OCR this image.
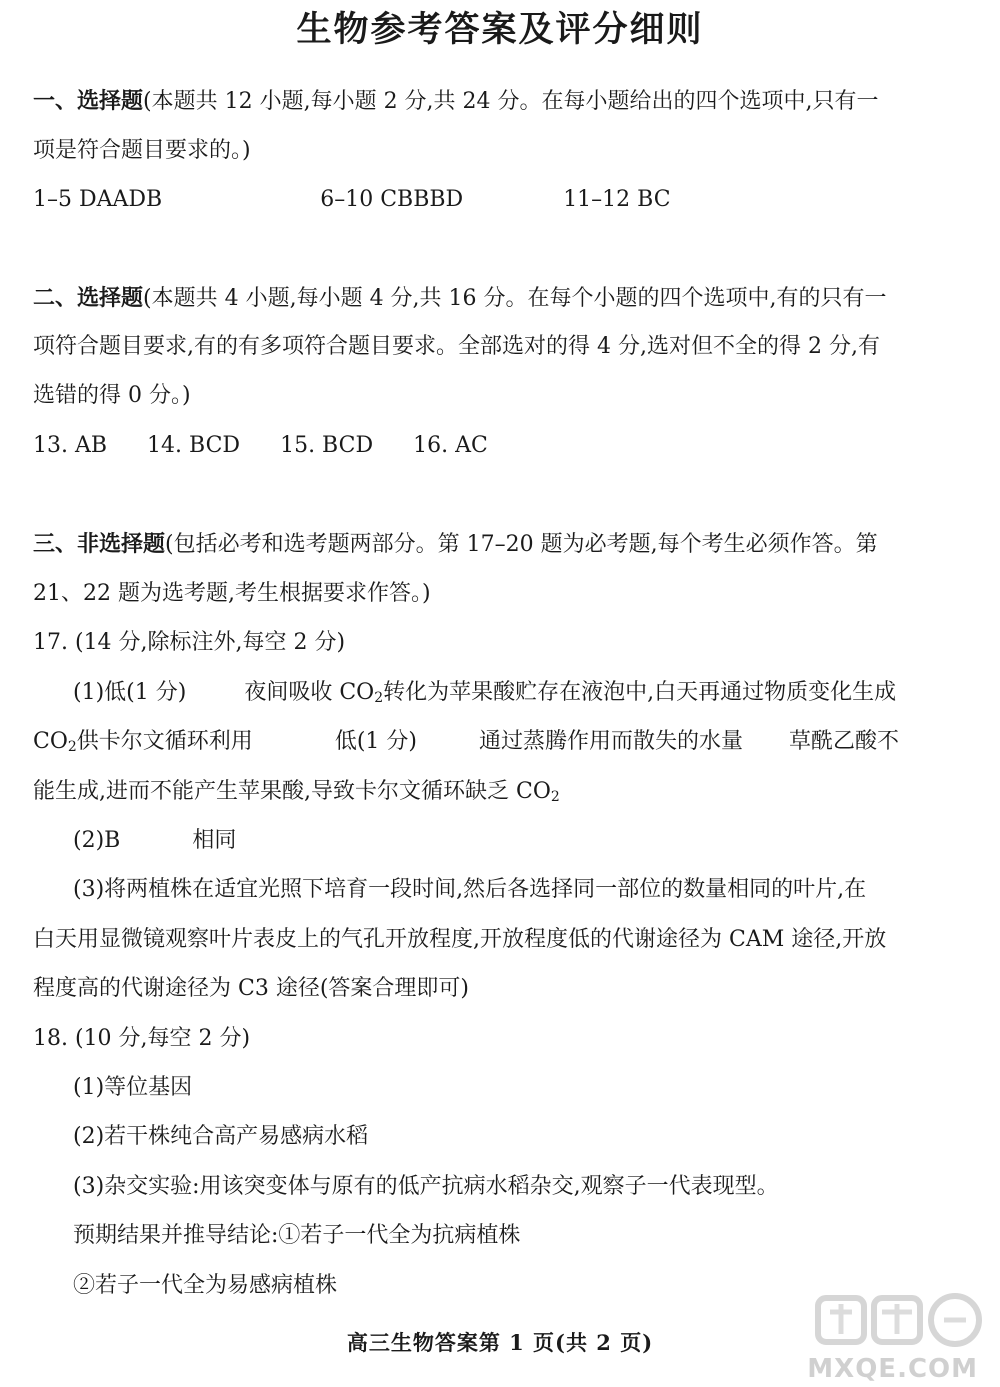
生物参考答案及评分细则
一、选择题(本题共 12 小题,每小题 2 分,共 24 分。在每小题给出的四个选项中,只有一
项是符合题目要求的。)
1–5 DAADB	6–10 CBBBD	11–12 BC
二、选择题(本题共 4 小题,每小题 4 分,共 16 分。在每个小题的四个选项中,有的只有一
项符合题目要求,有的有多项符合题目要求。全部选对的得 4 分,选对但不全的得 2 分,有
选错的得 0 分。)
13. AB 14. BCD 15. BCD 16. AC
三、非选择题(包括必考和选考题两部分。第 17–20 题为必考题,每个考生必须作答。第
21、22 题为选考题,考生根据要求作答。)
17. (14 分,除标注外,每空 2 分)
(1)低(1 分)	夜间吸收 $CO_2$转化为苹果酸贮存在液泡中,白天再通过物质变化生成
$CO_2$供卡尔文循环利用	低(1 分)	通过蒸腾作用而散失的水量 草酰乙酸不
能生成,进而不能产生苹果酸,导致卡尔文循环缺乏 $CO_2$
(2)B	相同
(3)将两植株在适宜光照下培育一段时间,然后各选择同一部位的数量相同的叶片,在
白天用显微镜观察叶片表皮上的气孔开放程度,开放程度低的代谢途径为 CAM 途径,开放
程度高的代谢途径为 C3 途径(答案合理即可)
18. (10 分,每空 2 分)
(1)等位基因
(2)若干株纯合高产易感病水稻
(3)杂交实验:用该突变体与原有的低产抗病水稻杂交,观察子一代表现型。
预期结果并推导结论:①若子一代全为抗病植株
②若子一代全为易感病植株
高三生物答案第 1 页(共 2 页)
MXQE.COM
